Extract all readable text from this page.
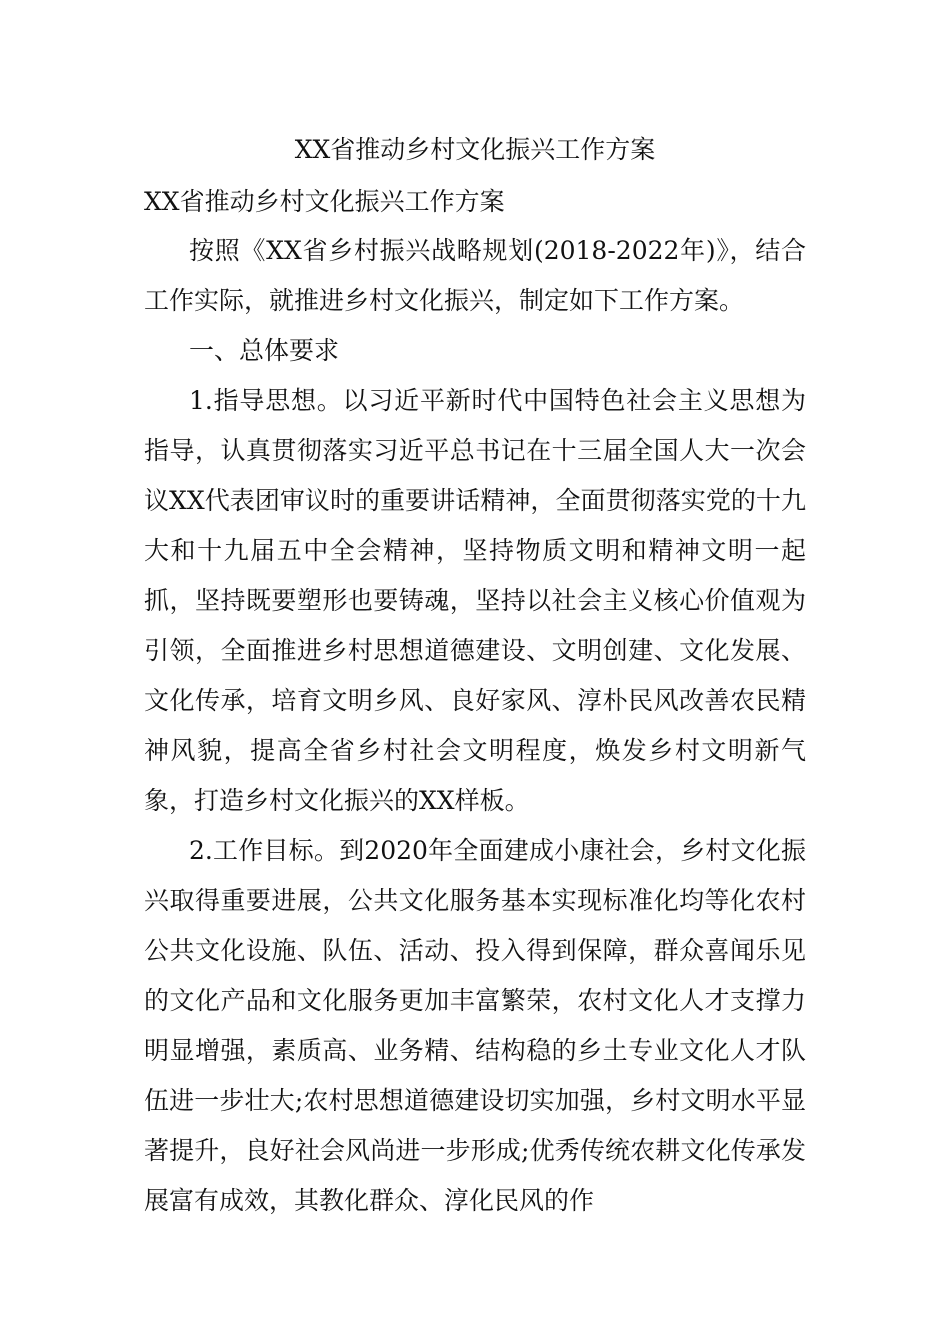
XX省推动乡村文化振兴工作方案

XX省推动乡村文化振兴工作方案

按照《XX省乡村振兴战略规划(2018-2022年)》，结合工作实际，就推进乡村文化振兴，制定如下工作方案。

一、总体要求

1.指导思想。以习近平新时代中国特色社会主义思想为指导，认真贯彻落实习近平总书记在十三届全国人大一次会议XX代表团审议时的重要讲话精神，全面贯彻落实党的十九大和十九届五中全会精神，坚持物质文明和精神文明一起抓，坚持既要塑形也要铸魂，坚持以社会主义核心价值观为引领，全面推进乡村思想道德建设、文明创建、文化发展、文化传承，培育文明乡风、良好家风、淳朴民风改善农民精神风貌，提高全省乡村社会文明程度，焕发乡村文明新气象，打造乡村文化振兴的XX样板。

2.工作目标。到2020年全面建成小康社会，乡村文化振兴取得重要进展，公共文化服务基本实现标准化均等化农村公共文化设施、队伍、活动、投入得到保障，群众喜闻乐见的文化产品和文化服务更加丰富繁荣，农村文化人才支撑力明显增强，素质高、业务精、结构稳的乡土专业文化人才队伍进一步壮大;农村思想道德建设切实加强，乡村文明水平显著提升，良好社会风尚进一步形成;优秀传统农耕文化传承发展富有成效，其教化群众、淳化民风的作
